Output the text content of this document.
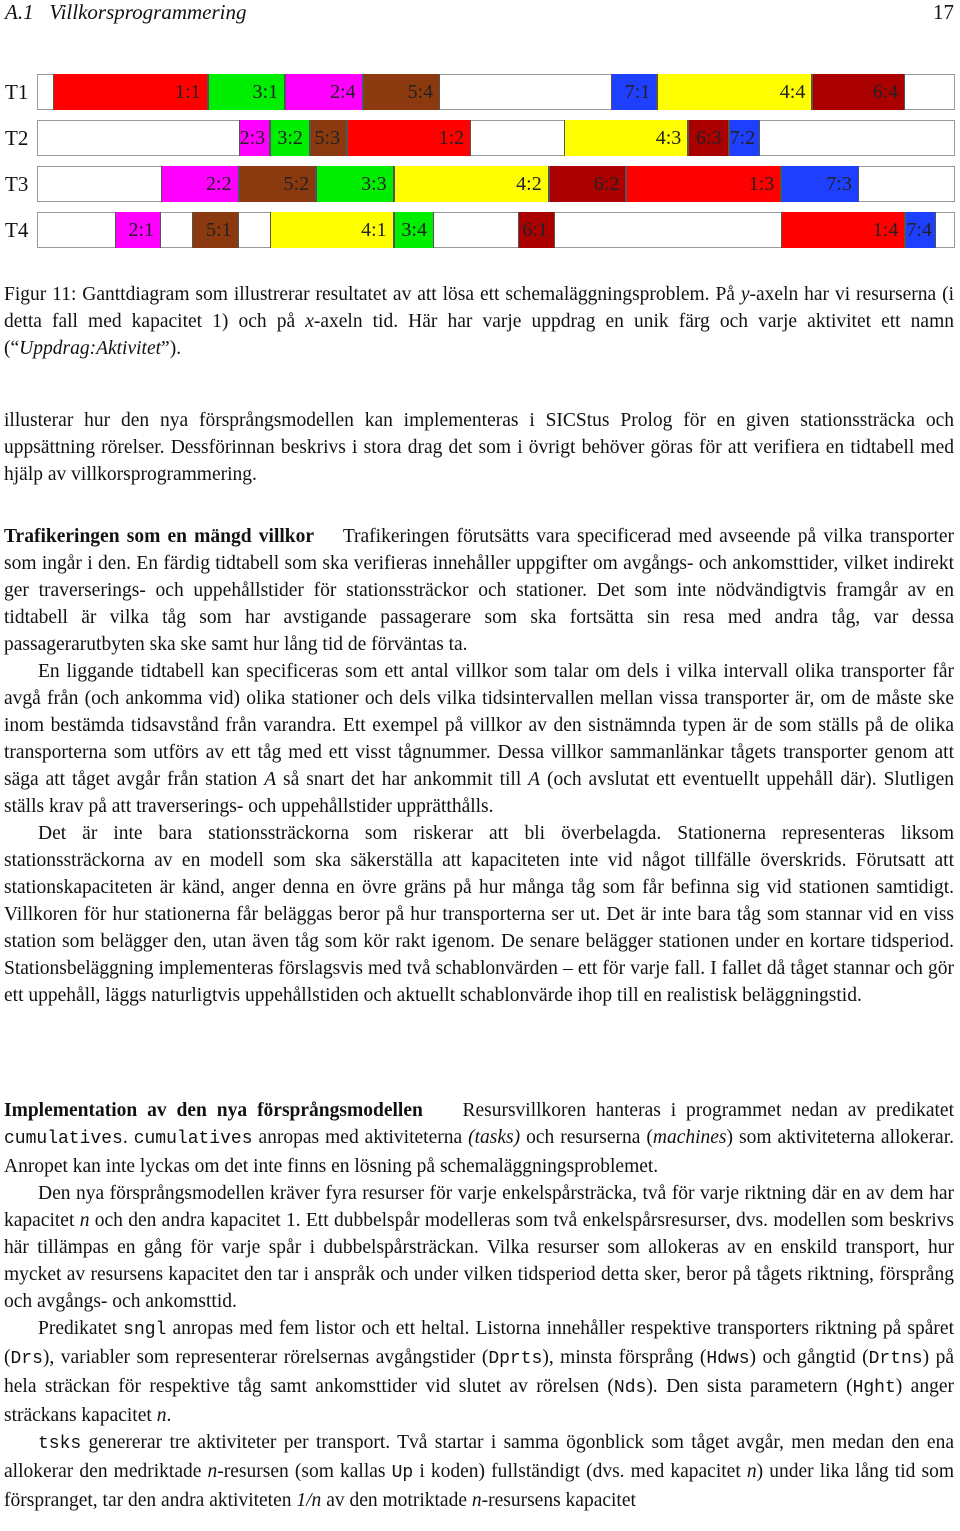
A.1 Villkorsprogrammering	17
T1	1:1	3:1	2:4	5:4	7:1	4:4	6:4
T2	2:3 3:2 5:3	1:2	4:3 6:3 7:2
T3	2:2	5:2	3:3	4:2	6:2	1:3	7:3
T4	2:1	5:1	4:1 3:4	6:1	1:4 7:4
Figur 11: Ganttdiagram som illustrerar resultatet av att lösa ett schemaläggningsproblem. På y-axeln har vi resurserna (i detta fall med kapacitet 1) och på x-axeln tid. Här har varje uppdrag en unik färg och varje aktivitet ett namn (“Uppdrag:Aktivitet”).
illusterar hur den nya försprångsmodellen kan implementeras i SICStus Prolog för en given stationssträcka och uppsättning rörelser. Dessförinnan beskrivs i stora drag det som i övrigt behöver göras för att verifiera en tidtabell med hjälp av villkorsprogrammering.

Trafikeringen som en mängd villkor Trafikeringen förutsätts vara specificerad med avseende på vilka transporter som ingår i den. En färdig tidtabell som ska verifieras innehåller uppgifter om avgångs- och ankomsttider, vilket indirekt ger traverserings- och uppehållstider för stationssträckor och stationer. Det som inte nödvändigtvis framgår av en tidtabell är vilka tåg som har avstigande passagerare som ska fortsätta sin resa med andra tåg, var dessa passagerarutbyten ska ske samt hur lång tid de förväntas ta.

En liggande tidtabell kan specificeras som ett antal villkor som talar om dels i vilka intervall olika transporter får avgå från (och ankomma vid) olika stationer och dels vilka tidsintervallen mellan vissa transporter är, om de måste ske inom bestämda tidsavstånd från varandra. Ett exempel på villkor av den sistnämnda typen är de som ställs på de olika transporterna som utförs av ett tåg med ett visst tågnummer. Dessa villkor sammanlänkar tågets transporter genom att säga att tåget avgår från station A så snart det har ankommit till A (och avslutat ett eventuellt uppehåll där). Slutligen ställs krav på att traverserings- och uppehållstider upprätthålls.

Det är inte bara stationssträckorna som riskerar att bli överbelagda. Stationerna representeras liksom stationssträckorna av en modell som ska säkerställa att kapaciteten inte vid något tillfälle överskrids. Förutsatt att stationskapaciteten är känd, anger denna en övre gräns på hur många tåg som får befinna sig vid stationen samtidigt. Villkoren för hur stationerna får beläggas beror på hur transporterna ser ut. Det är inte bara tåg som stannar vid en viss station som belägger den, utan även tåg som kör rakt igenom. De senare belägger stationen under en kortare tidsperiod. Stationsbeläggning implementeras förslagsvis med två schablonvärden – ett för varje fall. I fallet då tåget stannar och gör ett uppehåll, läggs naturligtvis uppehållstiden och aktuellt schablonvärde ihop till en realistisk beläggningstid.

Implementation av den nya försprångsmodellen Resursvillkoren hanteras i programmet nedan av predikatet cumulatives. cumulatives anropas med aktiviteterna (tasks) och resurserna (machines) som aktiviteterna allokerar. Anropet kan inte lyckas om det inte finns en lösning på schemaläggningsproblemet.

Den nya försprångsmodellen kräver fyra resurser för varje enkelspårsträcka, två för varje riktning där en av dem har kapacitet n och den andra kapacitet 1. Ett dubbelspår modelleras som två enkelspårsresurser, dvs. modellen som beskrivs här tillämpas en gång för varje spår i dubbelspårsträckan. Vilka resurser som allokeras av en enskild transport, hur mycket av resursens kapacitet den tar i anspråk och under vilken tidsperiod detta sker, beror på tågets riktning, försprång och avgångs- och ankomsttid.

Predikatet sngl anropas med fem listor och ett heltal. Listorna innehåller respektive transporters riktning på spåret (Drs), variabler som representerar rörelsernas avgångstider (Dprts), minsta försprång (Hdws) och gångtid (Drtns) på hela sträckan för respektive tåg samt ankomsttider vid slutet av rörelsen (Nds). Den sista parametern (Hght) anger sträckans kapacitet n.

tsks genererar tre aktiviteter per transport. Två startar i samma ögonblick som tåget avgår, men medan den ena allokerar den medriktade n-resursen (som kallas Up i koden) fullständigt (dvs. med kapacitet n) under lika lång tid som förspranget, tar den andra aktiviteten 1/n av den motriktade n-resursens kapacitet
